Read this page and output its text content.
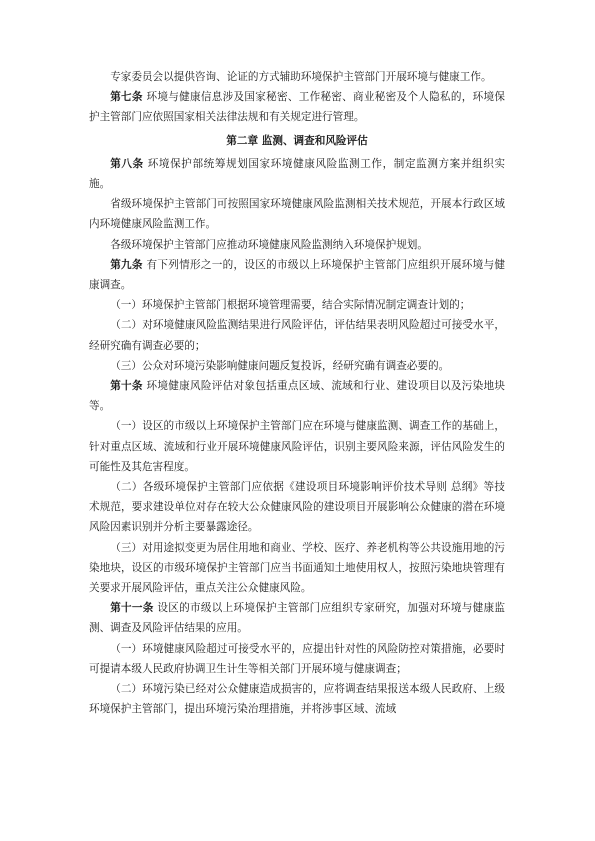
专家委员会以提供咨询、论证的方式辅助环境保护主管部门开展环境与健康工作。

第七条 环境与健康信息涉及国家秘密、工作秘密、商业秘密及个人隐私的，环境保护主管部门应依照国家相关法律法规和有关规定进行管理。

第二章 监测、调查和风险评估

第八条 环境保护部统筹规划国家环境健康风险监测工作，制定监测方案并组织实施。

省级环境保护主管部门可按照国家环境健康风险监测相关技术规范，开展本行政区域内环境健康风险监测工作。

各级环境保护主管部门应推动环境健康风险监测纳入环境保护规划。

第九条 有下列情形之一的，设区的市级以上环境保护主管部门应组织开展环境与健康调查。

（一）环境保护主管部门根据环境管理需要，结合实际情况制定调查计划的；

（二）对环境健康风险监测结果进行风险评估，评估结果表明风险超过可接受水平，经研究确有调查必要的；

（三）公众对环境污染影响健康问题反复投诉，经研究确有调查必要的。

第十条 环境健康风险评估对象包括重点区域、流域和行业、建设项目以及污染地块等。

（一）设区的市级以上环境保护主管部门应在环境与健康监测、调查工作的基础上，针对重点区域、流域和行业开展环境健康风险评估，识别主要风险来源，评估风险发生的可能性及其危害程度。

（二）各级环境保护主管部门应依据《建设项目环境影响评价技术导则 总纲》等技术规范，要求建设单位对存在较大公众健康风险的建设项目开展影响公众健康的潜在环境风险因素识别并分析主要暴露途径。

（三）对用途拟变更为居住用地和商业、学校、医疗、养老机构等公共设施用地的污染地块，设区的市级环境保护主管部门应当书面通知土地使用权人，按照污染地块管理有关要求开展风险评估，重点关注公众健康风险。

第十一条 设区的市级以上环境保护主管部门应组织专家研究，加强对环境与健康监测、调查及风险评估结果的应用。

（一）环境健康风险超过可接受水平的，应提出针对性的风险防控对策措施，必要时可提请本级人民政府协调卫生计生等相关部门开展环境与健康调查；

（二）环境污染已经对公众健康造成损害的，应将调查结果报送本级人民政府、上级环境保护主管部门，提出环境污染治理措施，并将涉事区域、流域
